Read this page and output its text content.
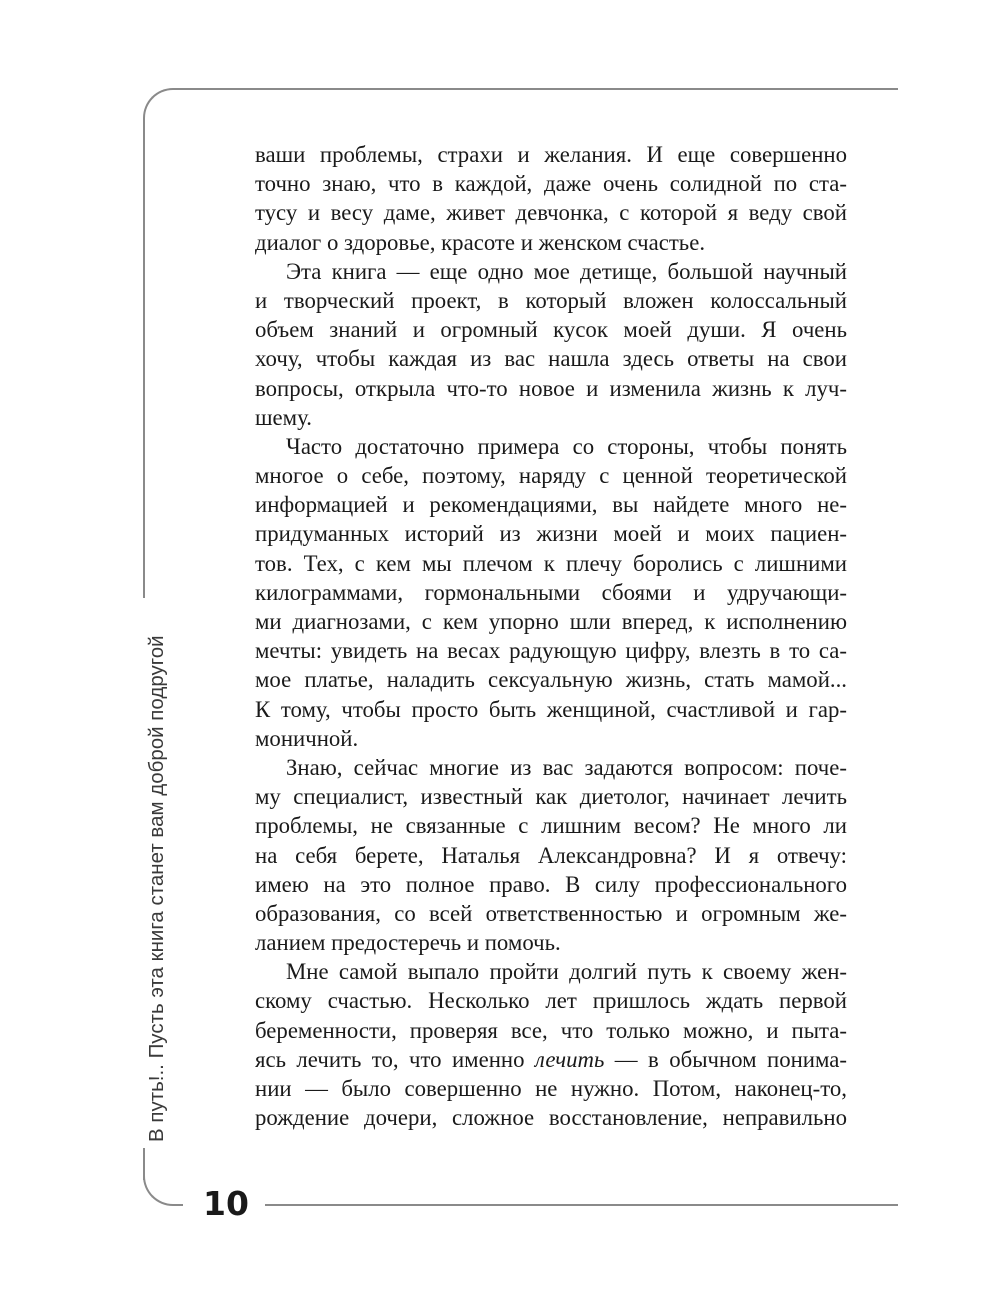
В путь!.. Пусть эта книга станет вам доброй подругой
10
ваши проблемы, страхи и желания. И еще совершенно
точно знаю, что в каждой, даже очень солидной по ста-
тусу и весу даме, живет девчонка, с которой я веду свой
диалог о здоровье, красоте и женском счастье.
Эта книга — еще одно мое детище, большой научный
и творческий проект, в который вложен колоссальный
объем знаний и огромный кусок моей души. Я очень
хочу, чтобы каждая из вас нашла здесь ответы на свои
вопросы, открыла что-то новое и изменила жизнь к луч-
шему.
Часто достаточно примера со стороны, чтобы понять
многое о себе, поэтому, наряду с ценной теоретической
информацией и рекомендациями, вы найдете много не-
придуманных историй из жизни моей и моих пациен-
тов. Тех, с кем мы плечом к плечу боролись с лишними
килограммами, гормональными сбоями и удручающи-
ми диагнозами, с кем упорно шли вперед, к исполнению
мечты: увидеть на весах радующую цифру, влезть в то са-
мое платье, наладить сексуальную жизнь, стать мамой...
К тому, чтобы просто быть женщиной, счастливой и гар-
моничной.
Знаю, сейчас многие из вас задаются вопросом: поче-
му специалист, известный как диетолог, начинает лечить
проблемы, не связанные с лишним весом? Не много ли
на себя берете, Наталья Александровна? И я отвечу:
имею на это полное право. В силу профессионального
образования, со всей ответственностью и огромным же-
ланием предостеречь и помочь.
Мне самой выпало пройти долгий путь к своему жен-
скому счастью. Несколько лет пришлось ждать первой
беременности, проверяя все, что только можно, и пыта-
ясь лечить то, что именно лечить — в обычном понима-
нии — было совершенно не нужно. Потом, наконец-то,
рождение дочери, сложное восстановление, неправильно
